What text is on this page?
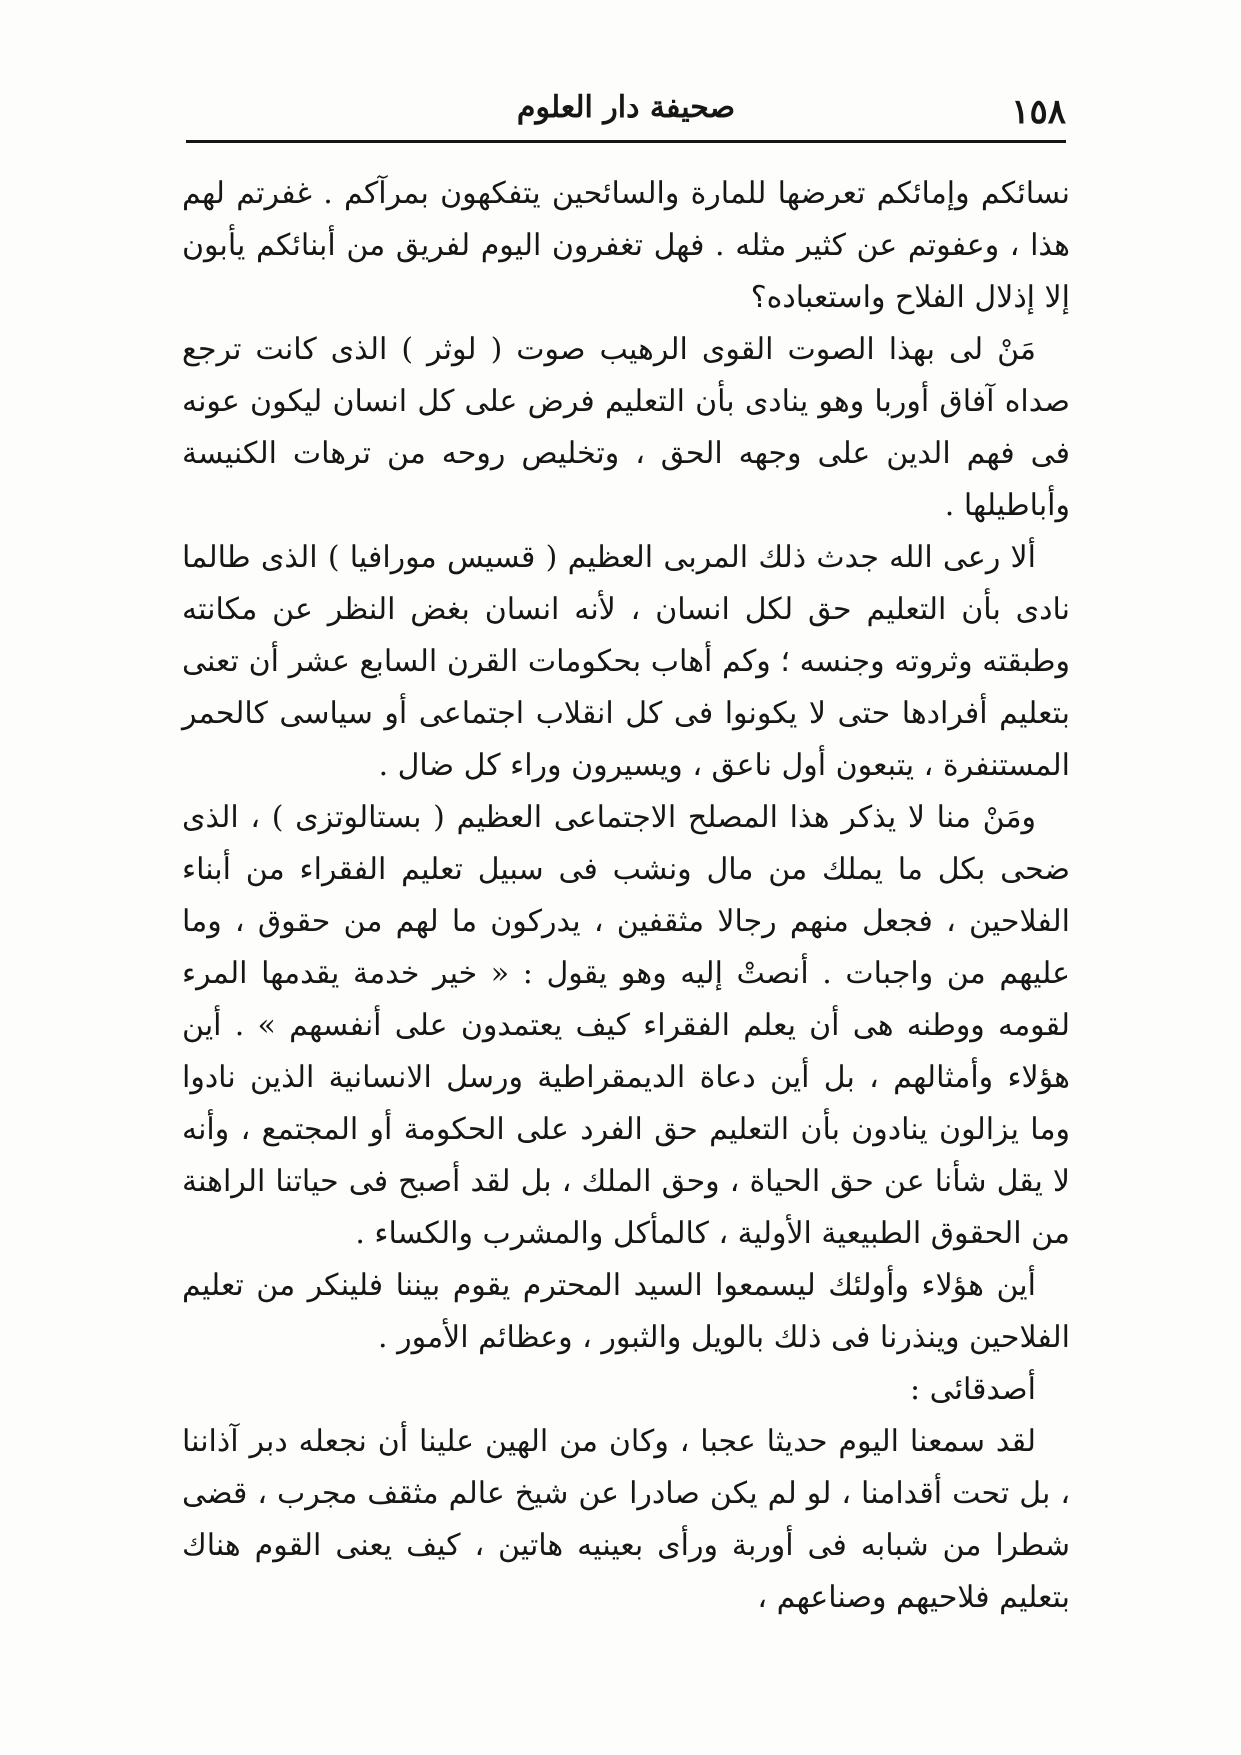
١٥٨
صحيفة دار العلوم

نسائكم وإمائكم تعرضها للمارة والسائحين يتفكهون بمرآكم . غفرتم لهم هذا ، وعفوتم عن كثير مثله . فهل تغفرون اليوم لفريق من أبنائكم يأبون إلا إذلال الفلاح واستعباده؟

مَنْ لى بهذا الصوت القوى الرهيب صوت ( لوثر ) الذى كانت ترجع صداه آفاق أوربا وهو ينادى بأن التعليم فرض على كل انسان ليكون عونه فى فهم الدين على وجهه الحق ، وتخليص روحه من ترهات الكنيسة وأباطيلها .

ألا رعى الله جدث ذلك المربى العظيم ( قسيس مورافيا ) الذى طالما نادى بأن التعليم حق لكل انسان ، لأنه انسان بغض النظر عن مكانته وطبقته وثروته وجنسه ؛ وكم أهاب بحكومات القرن السابع عشر أن تعنى بتعليم أفرادها حتى لا يكونوا فى كل انقلاب اجتماعى أو سياسى كالحمر المستنفرة ، يتبعون أول ناعق ، ويسيرون وراء كل ضال .

ومَنْ منا لا يذكر هذا المصلح الاجتماعى العظيم ( بستالوتزى ) ، الذى ضحى بكل ما يملك من مال ونشب فى سبيل تعليم الفقراء من أبناء الفلاحين ، فجعل منهم رجالا مثقفين ، يدركون ما لهم من حقوق ، وما عليهم من واجبات . أنصتْ إليه وهو يقول : « خير خدمة يقدمها المرء لقومه ووطنه هى أن يعلم الفقراء كيف يعتمدون على أنفسهم » . أين هؤلاء وأمثالهم ، بل أين دعاة الديمقراطية ورسل الانسانية الذين نادوا وما يزالون ينادون بأن التعليم حق الفرد على الحكومة أو المجتمع ، وأنه لا يقل شأنا عن حق الحياة ، وحق الملك ، بل لقد أصبح فى حياتنا الراهنة من الحقوق الطبيعية الأولية ، كالمأكل والمشرب والكساء .

أين هؤلاء وأولئك ليسمعوا السيد المحترم يقوم بيننا فلينكر من تعليم الفلاحين وينذرنا فى ذلك بالويل والثبور ، وعظائم الأمور .

أصدقائى :

لقد سمعنا اليوم حديثا عجبا ، وكان من الهين علينا أن نجعله دبر آذاننا ، بل تحت أقدامنا ، لو لم يكن صادرا عن شيخ عالم مثقف مجرب ، قضى شطرا من شبابه فى أوربة ورأى بعينيه هاتين ، كيف يعنى القوم هناك بتعليم فلاحيهم وصناعهم ،
